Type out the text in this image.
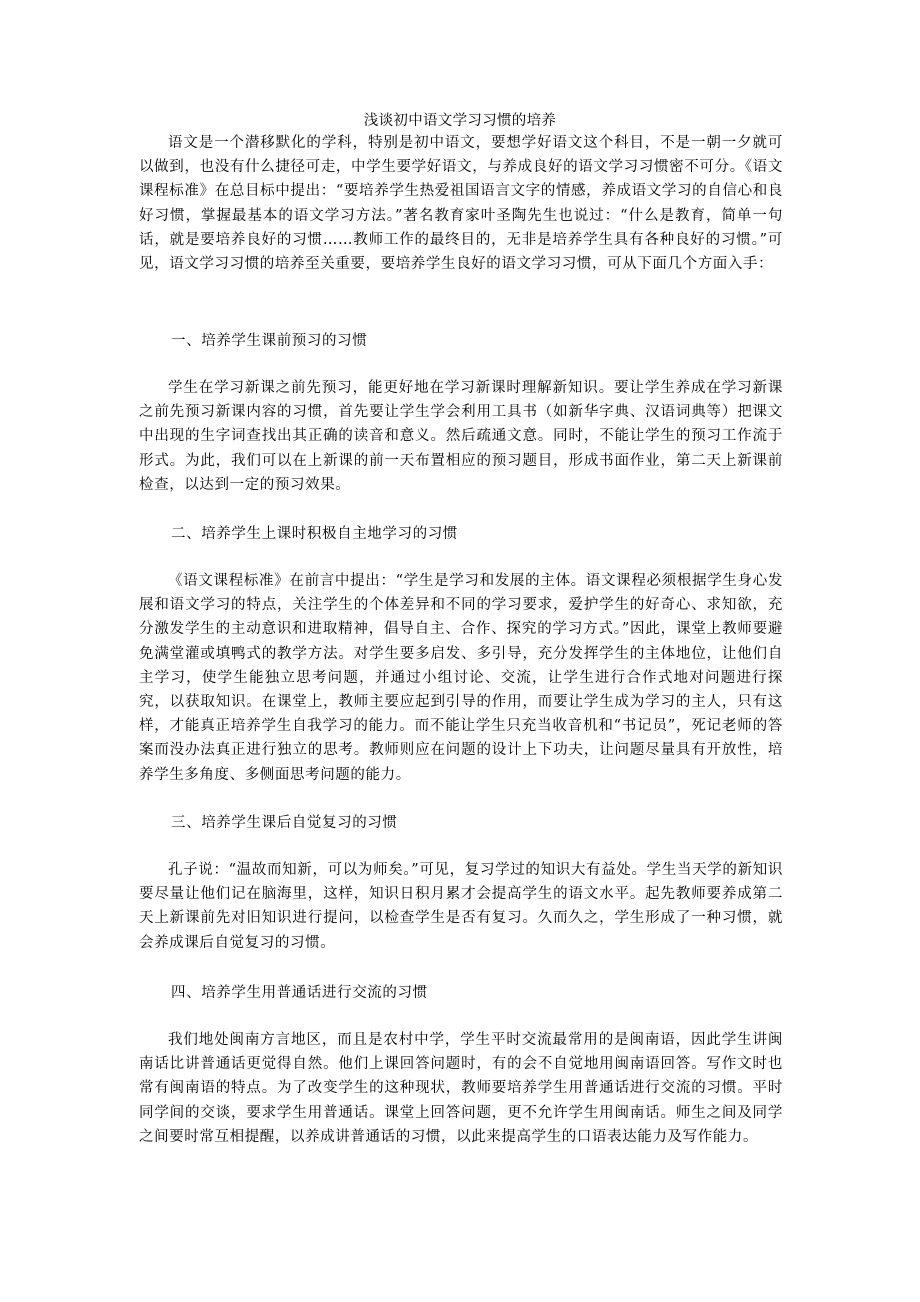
浅谈初中语文学习习惯的培养

语文是一个潜移默化的学科，特别是初中语文，要想学好语文这个科目，不是一朝一夕就可以做到，也没有什么捷径可走，中学生要学好语文，与养成良好的语文学习习惯密不可分。《语文课程标准》在总目标中提出：“要培养学生热爱祖国语言文字的情感，养成语文学习的自信心和良好习惯，掌握最基本的语文学习方法。”著名教育家叶圣陶先生也说过：“什么是教育，简单一句话，就是要培养良好的习惯……教师工作的最终目的，无非是培养学生具有各种良好的习惯。”可见，语文学习习惯的培养至关重要，要培养学生良好的语文学习习惯，可从下面几个方面入手：

一、培养学生课前预习的习惯

学生在学习新课之前先预习，能更好地在学习新课时理解新知识。要让学生养成在学习新课之前先预习新课内容的习惯，首先要让学生学会利用工具书（如新华字典、汉语词典等）把课文中出现的生字词查找出其正确的读音和意义。然后疏通文意。同时，不能让学生的预习工作流于形式。为此，我们可以在上新课的前一天布置相应的预习题目，形成书面作业，第二天上新课前检查，以达到一定的预习效果。

二、培养学生上课时积极自主地学习的习惯

《语文课程标准》在前言中提出：“学生是学习和发展的主体。语文课程必须根据学生身心发展和语文学习的特点，关注学生的个体差异和不同的学习要求，爱护学生的好奇心、求知欲，充分激发学生的主动意识和进取精神，倡导自主、合作、探究的学习方式。”因此，课堂上教师要避免满堂灌或填鸭式的教学方法。对学生要多启发、多引导，充分发挥学生的主体地位，让他们自主学习，使学生能独立思考问题，并通过小组讨论、交流，让学生进行合作式地对问题进行探究，以获取知识。在课堂上，教师主要应起到引导的作用，而要让学生成为学习的主人，只有这样，才能真正培养学生自我学习的能力。而不能让学生只充当收音机和“书记员”，死记老师的答案而没办法真正进行独立的思考。教师则应在问题的设计上下功夫，让问题尽量具有开放性，培养学生多角度、多侧面思考问题的能力。

三、培养学生课后自觉复习的习惯

孔子说：“温故而知新，可以为师矣。”可见，复习学过的知识大有益处。学生当天学的新知识要尽量让他们记在脑海里，这样，知识日积月累才会提高学生的语文水平。起先教师要养成第二天上新课前先对旧知识进行提问，以检查学生是否有复习。久而久之，学生形成了一种习惯，就会养成课后自觉复习的习惯。

四、培养学生用普通话进行交流的习惯

我们地处闽南方言地区，而且是农村中学，学生平时交流最常用的是闽南语，因此学生讲闽南话比讲普通话更觉得自然。他们上课回答问题时，有的会不自觉地用闽南语回答。写作文时也常有闽南语的特点。为了改变学生的这种现状，教师要培养学生用普通话进行交流的习惯。平时同学间的交谈，要求学生用普通话。课堂上回答问题，更不允许学生用闽南话。师生之间及同学之间要时常互相提醒，以养成讲普通话的习惯，以此来提高学生的口语表达能力及写作能力。
